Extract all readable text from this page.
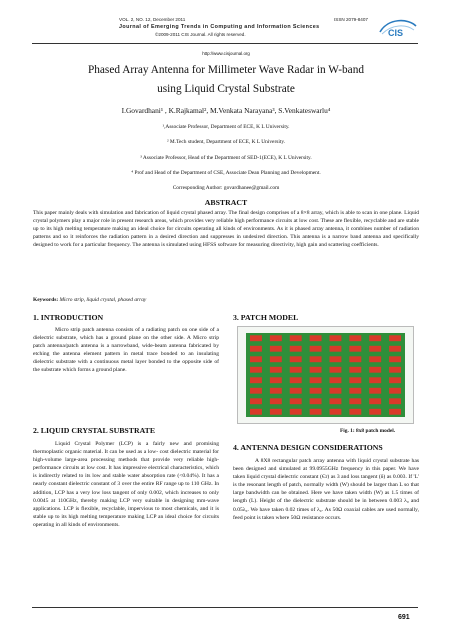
VOL. 2, NO. 12, December 2011	ISSN 2079-8407
Journal of Emerging Trends in Computing and Information Sciences
©2009-2011 CIS Journal. All rights reserved.	CIS
http://www.cisjournal.org
Phased Array Antenna for Millimeter Wave Radar in W-band
using Liquid Crystal Substrate
I.Govardhani¹ , K.Rajkamal², M.Venkata Narayana³, S.Venkateswarlu⁴
¹,Associate Professor, Department of ECE, K L University.
² M.Tech student, Department of ECE, K L University.
³ Associate Professor, Head of the Department of SED-1(ECE), K L University.
⁴ Prof and Head of the Department of CSE, Associate Dean Planning and Development.
Corresponding Author: govardhanee@gmail.com
ABSTRACT
This paper mainly deals with simulation and fabrication of liquid crystal phased array. The final design comprises of a 8×8 array, which is able to scan in one plane. Liquid crystal polymers play a major role in present research areas, which provides very reliable high performance circuits at low cost. These are flexible, recyclable and are stable up to its high melting temperature making an ideal choice for circuits operating all kinds of environments. As it is phased array antenna, it combines number of radiation patterns and so it reinforces the radiation pattern in a desired direction and suppresses in undesired direction. This antenna is a narrow band antenna and specifically designed to work for a particular frequency. The antenna is simulated using HFSS software for measuring directivity, high gain and scattering coefficients.
Keywords: Micro strip, liquid crystal, phased array
1. INTRODUCTION
Micro strip patch antenna consists of a radiating patch on one side of a dielectric substrate, which has a ground plane on the other side. A Micro strip patch antenna/patch antenna is a narrowband, wide-beam antenna fabricated by etching the antenna element pattern in metal trace bonded to an insulating dielectric substrate with a continuous metal layer bonded to the opposite side of the substrate which forms a ground plane.
2. LIQUID CRYSTAL SUBSTRATE
Liquid Crystal Polymer (LCP) is a fairly new and promising thermoplastic organic material. It can be used as a low- cost dielectric material for high-volume large-area processing methods that provide very reliable high-performance circuits at low cost. It has impressive electrical characteristics, which is indirectly related to its low and stable water absorption rate (<0.04%). It has a nearly constant dielectric constant of 3 over the entire RF range up to 110 GHz. In addition, LCP has a very low loss tangent of only 0.002, which increases to only 0.0045 at 110GHz, thereby making LCP very suitable in designing mm-wave applications. LCP is flexible, recyclable, impervious to most chemicals, and it is stable up to its high melting temperature making LCP an ideal choice for circuits operating in all kinds of environments.
3. PATCH MODEL
Fig. 1: 8x8 patch model.
4. ANTENNA DESIGN CONSIDERATIONS
A 8X8 rectangular patch array antenna with liquid crystal substrate has been designed and simulated at 99.0955GHz frequency in this paper. We have taken liquid crystal dielectric constant (Єr) as 3 and loss tangent (δ) as 0.003. If 'L' is the resonant length of patch, normally width (W) should be larger than L so that large bandwidth can be obtained. Here we have taken width (W) as 1.5 times of length (L). Height of the dielectric substrate should be in between 0.003 λ₀ and 0.05λ₀. We have taken 0.02 times of λ₀. As 50Ω coaxial cables are used normally, feed point is taken where 50Ω resistance occurs.
691
